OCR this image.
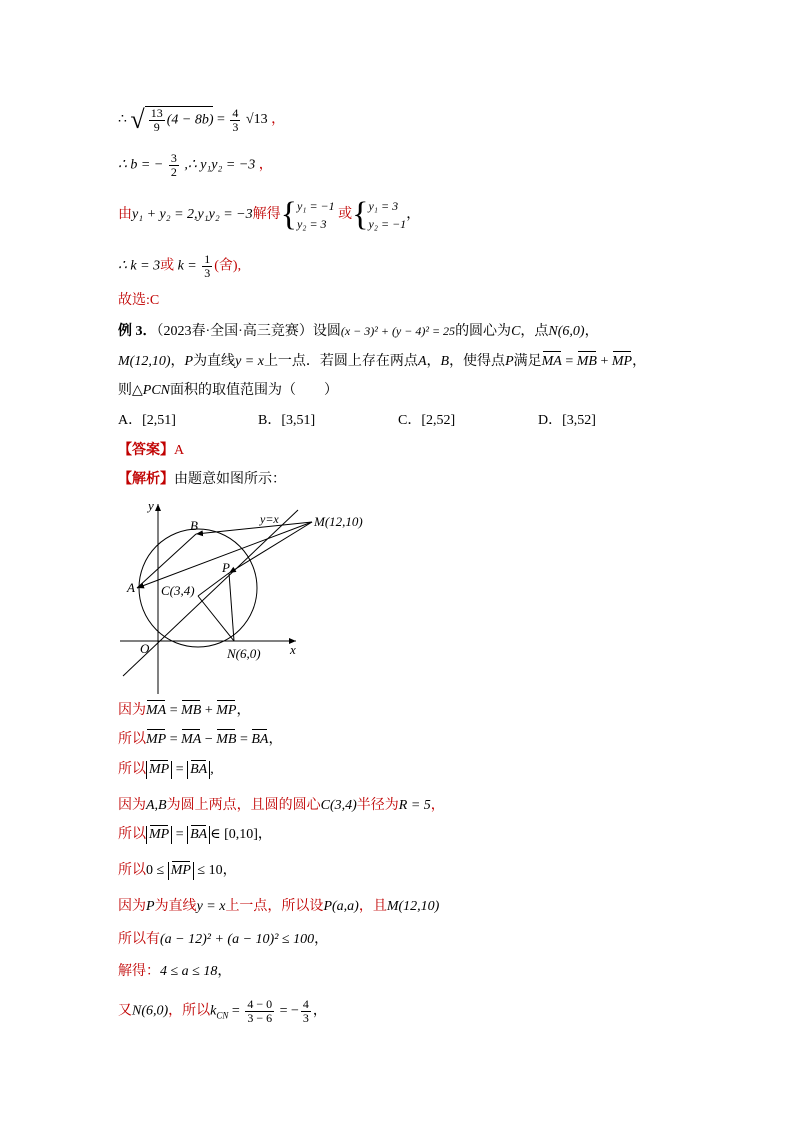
∴ √ $\frac{13}{9} (4 - 8b) = \frac{4}{3} √13$ ，
∴ b = − $\frac{3}{2}$ ,∴ y₁y₂ = −3 ，
由y₁ + y₂ = 2,y₁y₂ = −3解得{ y₁ = −1
y₂ = 3
或{ y₁ = 3
y₂ = −1
，
∴ k = 3或 $k = \frac{1}{3}$ (舍),
故选:C
例 3．（2023春·全国·高三竞赛）设圆(x − 3)² + (y − 4)² = 25的圆心为C，点N(6,0)，
M(12,10)，P为直线y = x上一点．若圆上存在两点A，B，使得点P满足MA = MB + MP，
则△PCN面积的取值范围为（　　）
A．[2,51]	B．[3,51]	C．[2,52]	D．[3,52]
【答案】A
【解析】由题意如图所示：
y
x
O
B
A
P
C(3,4)
N(6,0)
M(12,10)
y=x
因为MA = MB + MP，
所以MP = MA − MB = BA，
所以 MP = BA ,
因为A,B为圆上两点，且圆的圆心C(3,4)半径为R = 5，
所以 MP = BA ∈ [0,10]，
所以0 ≤ MP ≤ 10，
因为P为直线y = x上一点，所以设P(a,a)，且M(12,10)
所以有(a − 12)² + (a − 10)² ≤ 100，
解得：4 ≤ a ≤ 18，
又N(6,0)，所以$k_{CN} = \frac{4 - 0}{3 - 6}$ = − $\frac{4}{3}$ ，
